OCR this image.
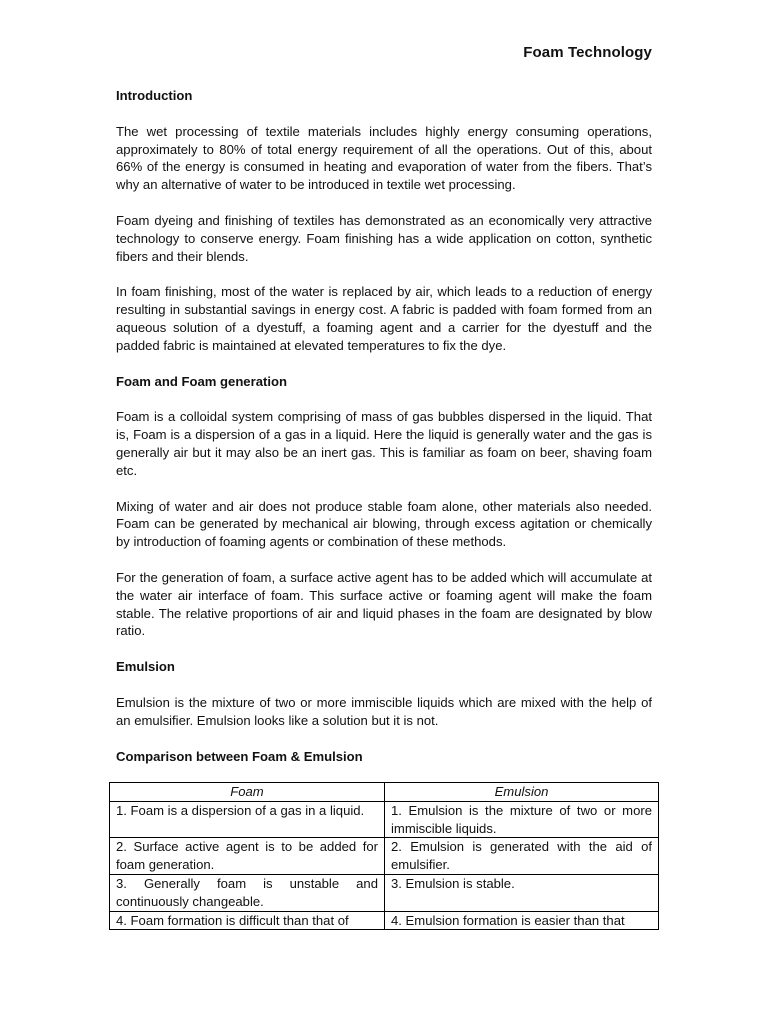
Foam Technology
Introduction

The wet processing of textile materials includes highly energy consuming operations, approximately to 80% of total energy requirement of all the operations. Out of this, about 66% of the energy is consumed in heating and evaporation of water from the fibers. That’s why an alternative of water to be introduced in textile wet processing.

Foam dyeing and finishing of textiles has demonstrated as an economically very attractive technology to conserve energy. Foam finishing has a wide application on cotton, synthetic fibers and their blends.

In foam finishing, most of the water is replaced by air, which leads to a reduction of energy resulting in substantial savings in energy cost. A fabric is padded with foam formed from an aqueous solution of a dyestuff, a foaming agent and a carrier for the dyestuff and the padded fabric is maintained at elevated temperatures to fix the dye.

Foam and Foam generation

Foam is a colloidal system comprising of mass of gas bubbles dispersed in the liquid. That is, Foam is a dispersion of a gas in a liquid. Here the liquid is generally water and the gas is generally air but it may also be an inert gas. This is familiar as foam on beer, shaving foam etc.

Mixing of water and air does not produce stable foam alone, other materials also needed. Foam can be generated by mechanical air blowing, through excess agitation or chemically by introduction of foaming agents or combination of these methods.

For the generation of foam, a surface active agent has to be added which will accumulate at the water air interface of foam. This surface active or foaming agent will make the foam stable. The relative proportions of air and liquid phases in the foam are designated by blow ratio.

Emulsion

Emulsion is the mixture of two or more immiscible liquids which are mixed with the help of an emulsifier. Emulsion looks like a solution but it is not.

Comparison between Foam & Emulsion
Foam	Emulsion
1. Foam is a dispersion of a gas in a liquid.	1. Emulsion is the mixture of two or more immiscible liquids.
2. Surface active agent is to be added for foam generation.	2. Emulsion is generated with the aid of emulsifier.
3. Generally foam is unstable and continuously changeable.	3. Emulsion is stable.
4. Foam formation is difficult than that of	4. Emulsion formation is easier than that
